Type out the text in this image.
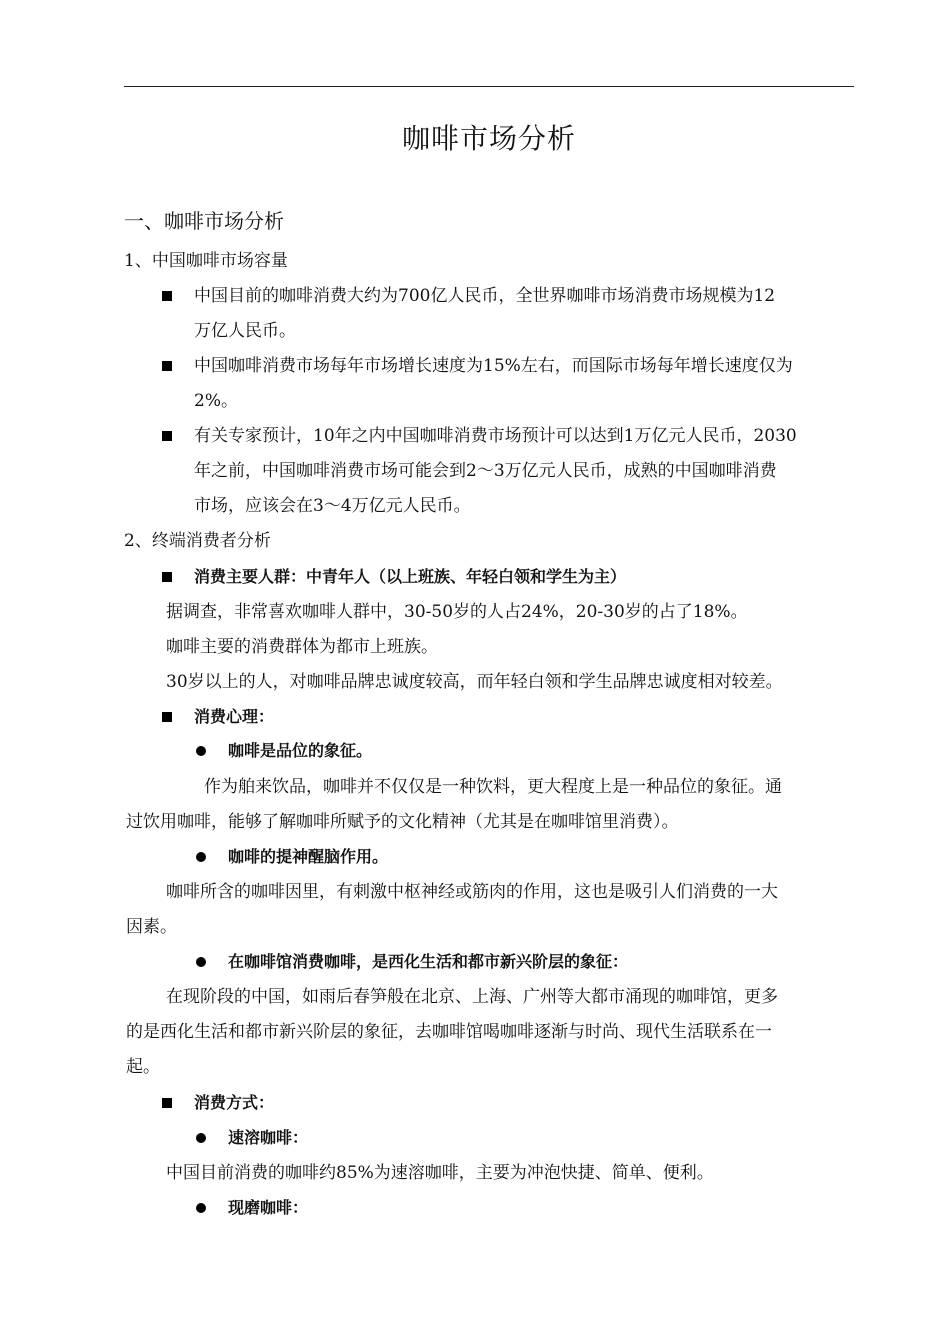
咖啡市场分析
一、咖啡市场分析
1、中国咖啡市场容量
中国目前的咖啡消费大约为700亿人民币，全世界咖啡市场消费市场规模为12
万亿人民币。
中国咖啡消费市场每年市场增长速度为15%左右，而国际市场每年增长速度仅为
2%。
有关专家预计，10年之内中国咖啡消费市场预计可以达到1万亿元人民币，2030
年之前，中国咖啡消费市场可能会到2～3万亿元人民币，成熟的中国咖啡消费
市场，应该会在3～4万亿元人民币。
2、终端消费者分析
消费主要人群：中青年人（以上班族、年轻白领和学生为主）
据调查，非常喜欢咖啡人群中，30-50岁的人占24%，20-30岁的占了18%。
咖啡主要的消费群体为都市上班族。
30岁以上的人，对咖啡品牌忠诚度较高，而年轻白领和学生品牌忠诚度相对较差。
消费心理：
咖啡是品位的象征。
作为舶来饮品，咖啡并不仅仅是一种饮料，更大程度上是一种品位的象征。通
过饮用咖啡，能够了解咖啡所赋予的文化精神（尤其是在咖啡馆里消费）。
咖啡的提神醒脑作用。
咖啡所含的咖啡因里，有刺激中枢神经或筋肉的作用，这也是吸引人们消费的一大
因素。
在咖啡馆消费咖啡，是西化生活和都市新兴阶层的象征：
在现阶段的中国，如雨后春笋般在北京、上海、广州等大都市涌现的咖啡馆，更多
的是西化生活和都市新兴阶层的象征，去咖啡馆喝咖啡逐渐与时尚、现代生活联系在一
起。
消费方式：
速溶咖啡：
中国目前消费的咖啡约85%为速溶咖啡，主要为冲泡快捷、简单、便利。
现磨咖啡：
